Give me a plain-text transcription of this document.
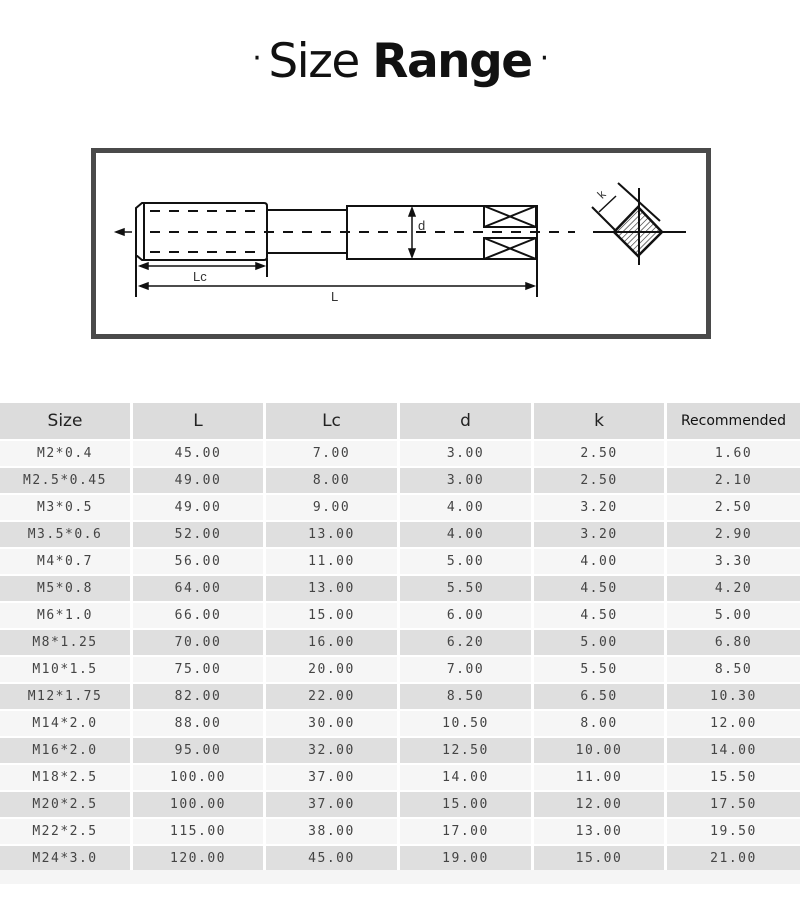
· Size Range ·
Lc
L
d
k
Size	L	Lc	d	k	Recommended
M2*0.4	45.00	7.00	3.00	2.50	1.60
M2.5*0.45	49.00	8.00	3.00	2.50	2.10
M3*0.5	49.00	9.00	4.00	3.20	2.50
M3.5*0.6	52.00	13.00	4.00	3.20	2.90
M4*0.7	56.00	11.00	5.00	4.00	3.30
M5*0.8	64.00	13.00	5.50	4.50	4.20
M6*1.0	66.00	15.00	6.00	4.50	5.00
M8*1.25	70.00	16.00	6.20	5.00	6.80
M10*1.5	75.00	20.00	7.00	5.50	8.50
M12*1.75	82.00	22.00	8.50	6.50	10.30
M14*2.0	88.00	30.00	10.50	8.00	12.00
M16*2.0	95.00	32.00	12.50	10.00	14.00
M18*2.5	100.00	37.00	14.00	11.00	15.50
M20*2.5	100.00	37.00	15.00	12.00	17.50
M22*2.5	115.00	38.00	17.00	13.00	19.50
M24*3.0	120.00	45.00	19.00	15.00	21.00
